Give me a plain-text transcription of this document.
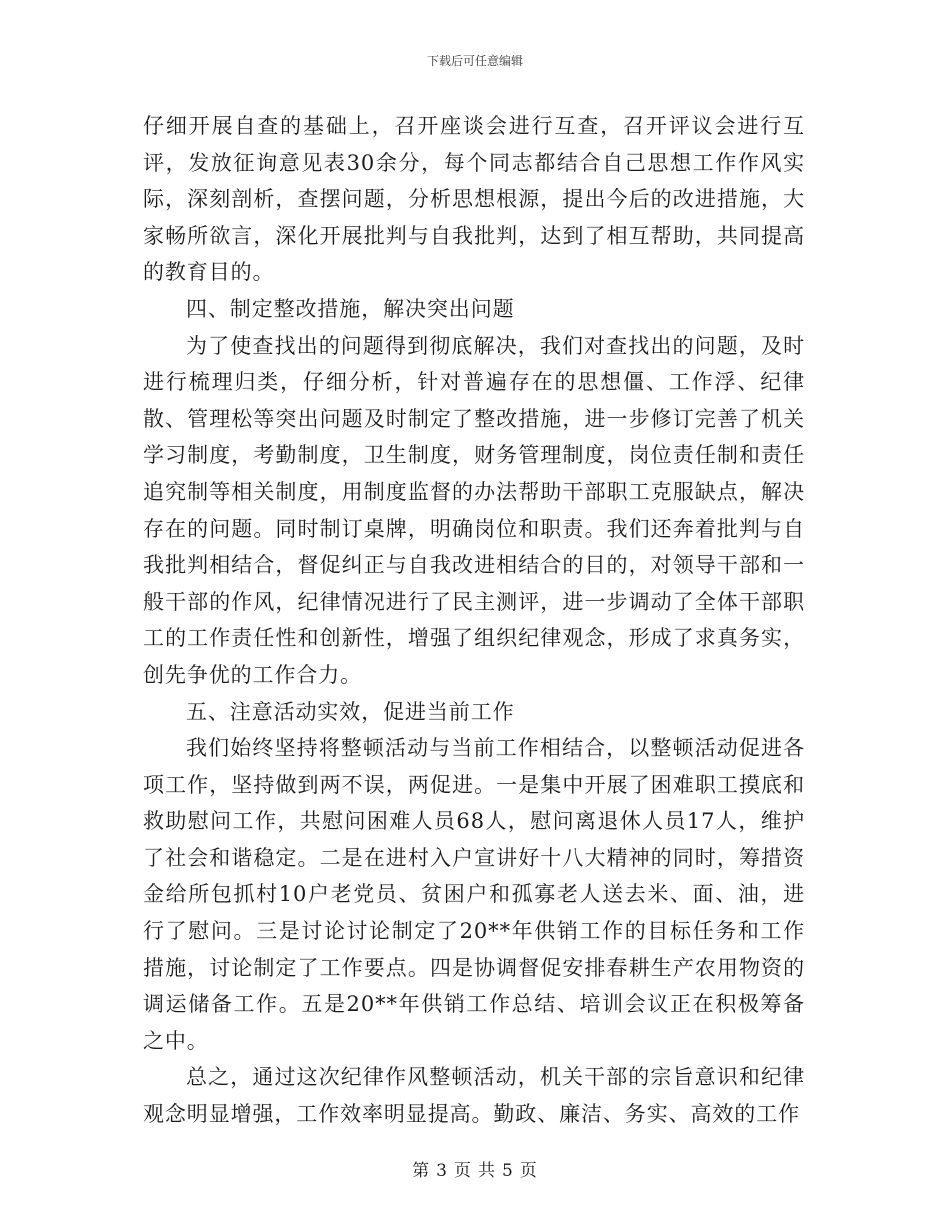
下载后可任意编辑

仔细开展自查的基础上，召开座谈会进行互查，召开评议会进行互评，发放征询意见表30余分，每个同志都结合自己思想工作作风实际，深刻剖析，查摆问题，分析思想根源，提出今后的改进措施，大家畅所欲言，深化开展批判与自我批判，达到了相互帮助，共同提高的教育目的。

四、制定整改措施，解决突出问题

为了使查找出的问题得到彻底解决，我们对查找出的问题，及时进行梳理归类，仔细分析，针对普遍存在的思想僵、工作浮、纪律散、管理松等突出问题及时制定了整改措施，进一步修订完善了机关学习制度，考勤制度，卫生制度，财务管理制度，岗位责任制和责任追究制等相关制度，用制度监督的办法帮助干部职工克服缺点，解决存在的问题。同时制订桌牌，明确岗位和职责。我们还奔着批判与自我批判相结合，督促纠正与自我改进相结合的目的，对领导干部和一般干部的作风，纪律情况进行了民主测评，进一步调动了全体干部职工的工作责任性和创新性，增强了组织纪律观念，形成了求真务实，创先争优的工作合力。

五、注意活动实效，促进当前工作

我们始终坚持将整顿活动与当前工作相结合，以整顿活动促进各项工作，坚持做到两不误，两促进。一是集中开展了困难职工摸底和救助慰问工作，共慰问困难人员68人，慰问离退休人员17人，维护了社会和谐稳定。二是在进村入户宣讲好十八大精神的同时，筹措资金给所包抓村10户老党员、贫困户和孤寡老人送去米、面、油，进行了慰问。三是讨论讨论制定了20**年供销工作的目标任务和工作措施，讨论制定了工作要点。四是协调督促安排春耕生产农用物资的调运储备工作。五是20**年供销工作总结、培训会议正在积极筹备之中。

总之，通过这次纪律作风整顿活动，机关干部的宗旨意识和纪律观念明显增强，工作效率明显提高。勤政、廉洁、务实、高效的工作

第 3 页 共 5 页
